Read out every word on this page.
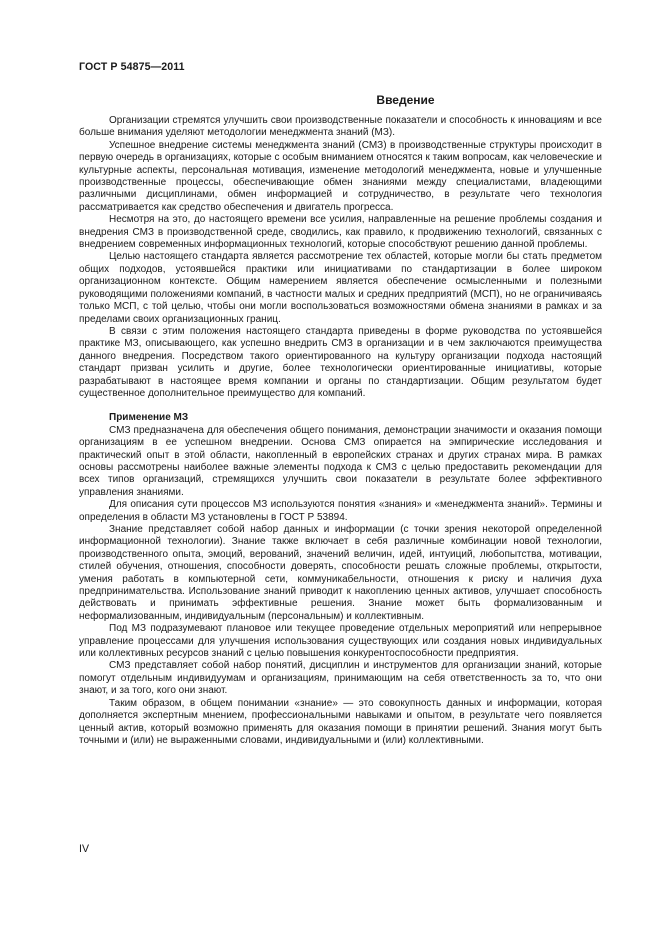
ГОСТ Р 54875—2011
Введение

Организации стремятся улучшить свои производственные показатели и способность к инновациям и все больше внимания уделяют методологии менеджмента знаний (МЗ).

Успешное внедрение системы менеджмента знаний (СМЗ) в производственные структуры происходит в первую очередь в организациях, которые с особым вниманием относятся к таким вопросам, как человеческие и культурные аспекты, персональная мотивация, изменение методологий менеджмента, новые и улучшенные производственные процессы, обеспечивающие обмен знаниями между специалистами, владеющими различными дисциплинами, обмен информацией и сотрудничество, в результате чего технология рассматривается как средство обеспечения и двигатель прогресса.

Несмотря на это, до настоящего времени все усилия, направленные на решение проблемы создания и внедрения СМЗ в производственной среде, сводились, как правило, к продвижению технологий, связанных с внедрением современных информационных технологий, которые способствуют решению данной проблемы.

Целью настоящего стандарта является рассмотрение тех областей, которые могли бы стать предметом общих подходов, устоявшейся практики или инициативами по стандартизации в более широком организационном контексте. Общим намерением является обеспечение осмысленными и полезными руководящими положениями компаний, в частности малых и средних предприятий (МСП), но не ограничиваясь только МСП, с той целью, чтобы они могли воспользоваться возможностями обмена знаниями в рамках и за пределами своих организационных границ.

В связи с этим положения настоящего стандарта приведены в форме руководства по устоявшейся практике МЗ, описывающего, как успешно внедрить СМЗ в организации и в чем заключаются преимущества данного внедрения. Посредством такого ориентированного на культуру организации подхода настоящий стандарт призван усилить и другие, более технологически ориентированные инициативы, которые разрабатывают в настоящее время компании и органы по стандартизации. Общим результатом будет существенное дополнительное преимущество для компаний.

Применение МЗ

СМЗ предназначена для обеспечения общего понимания, демонстрации значимости и оказания помощи организациям в ее успешном внедрении. Основа СМЗ опирается на эмпирические исследования и практический опыт в этой области, накопленный в европейских странах и других странах мира. В рамках основы рассмотрены наиболее важные элементы подхода к СМЗ с целью предоставить рекомендации для всех типов организаций, стремящихся улучшить свои показатели в результате более эффективного управления знаниями.

Для описания сути процессов МЗ используются понятия «знания» и «менеджмента знаний». Термины и определения в области МЗ установлены в ГОСТ Р 53894.

Знание представляет собой набор данных и информации (с точки зрения некоторой определенной информационной технологии). Знание также включает в себя различные комбинации новой технологии, производственного опыта, эмоций, верований, значений величин, идей, интуиций, любопытства, мотивации, стилей обучения, отношения, способности доверять, способности решать сложные проблемы, открытости, умения работать в компьютерной сети, коммуникабельности, отношения к риску и наличия духа предпринимательства. Использование знаний приводит к накоплению ценных активов, улучшает способность действовать и принимать эффективные решения. Знание может быть формализованным и неформализованным, индивидуальным (персональным) и коллективным.

Под МЗ подразумевают плановое или текущее проведение отдельных мероприятий или непрерывное управление процессами для улучшения использования существующих или создания новых индивидуальных или коллективных ресурсов знаний с целью повышения конкурентоспособности предприятия.

СМЗ представляет собой набор понятий, дисциплин и инструментов для организации знаний, которые помогут отдельным индивидуумам и организациям, принимающим на себя ответственность за то, что они знают, и за того, кого они знают.

Таким образом, в общем понимании «знание» — это совокупность данных и информации, которая дополняется экспертным мнением, профессиональными навыками и опытом, в результате чего появляется ценный актив, который возможно применять для оказания помощи в принятии решений. Знания могут быть точными и (или) не выраженными словами, индивидуальными и (или) коллективными.

IV
